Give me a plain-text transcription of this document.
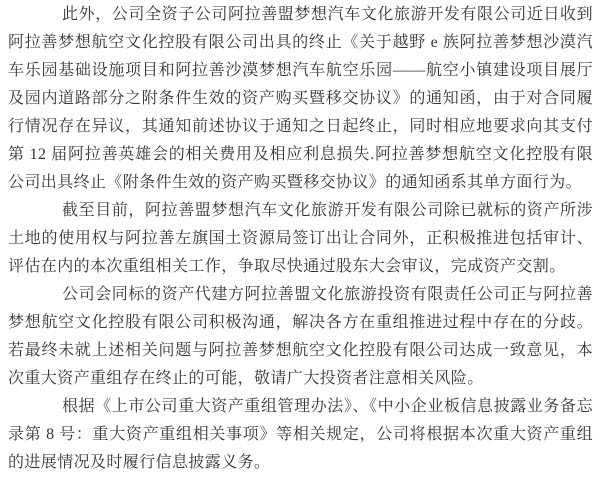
此外，公司全资子公司阿拉善盟梦想汽车文化旅游开发有限公司近日收到阿拉善梦想航空文化控股有限公司出具的终止《关于越野 e 族阿拉善梦想沙漠汽车乐园基础设施项目和阿拉善沙漠梦想汽车航空乐园——航空小镇建设项目展厅及园内道路部分之附条件生效的资产购买暨移交协议》的通知函，由于对合同履行情况存在异议，其通知前述协议于通知之日起终止，同时相应地要求向其支付第 12 届阿拉善英雄会的相关费用及相应利息损失.阿拉善梦想航空文化控股有限公司出具终止《附条件生效的资产购买暨移交协议》的通知函系其单方面行为。

截至目前，阿拉善盟梦想汽车文化旅游开发有限公司除已就标的资产所涉土地的使用权与阿拉善左旗国土资源局签订出让合同外，正积极推进包括审计、评估在内的本次重组相关工作，争取尽快通过股东大会审议，完成资产交割。

公司会同标的资产代建方阿拉善盟文化旅游投资有限责任公司正与阿拉善梦想航空文化控股有限公司积极沟通，解决各方在重组推进过程中存在的分歧。若最终未就上述相关问题与阿拉善梦想航空文化控股有限公司达成一致意见，本次重大资产重组存在终止的可能，敬请广大投资者注意相关风险。

根据《上市公司重大资产重组管理办法》、《中小企业板信息披露业务备忘录第 8 号：重大资产重组相关事项》等相关规定，公司将根据本次重大资产重组的进展情况及时履行信息披露义务。
